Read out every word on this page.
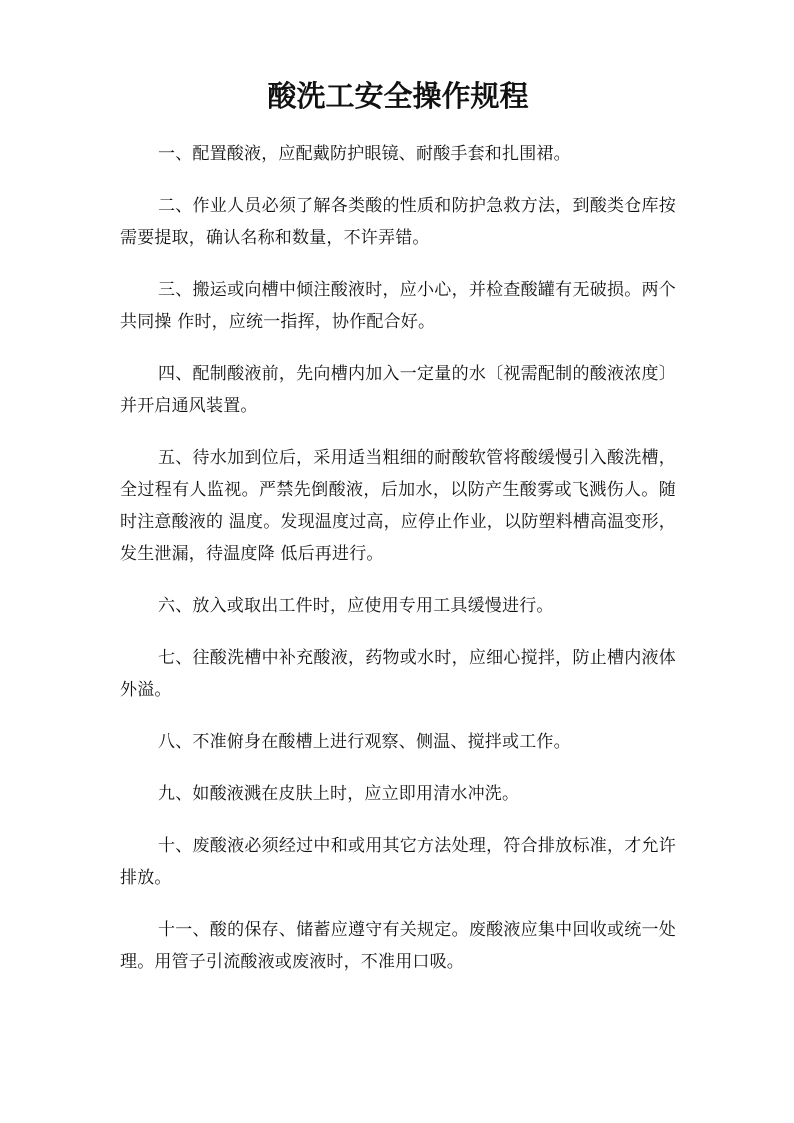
酸洗工安全操作规程

一、配置酸液，应配戴防护眼镜、耐酸手套和扎围裙。

二、作业人员必须了解各类酸的性质和防护急救方法，到酸类仓库按需要提取，确认名称和数量，不许弄错。

三、搬运或向槽中倾注酸液时，应小心，并检查酸罐有无破损。两个共同操 作时，应统一指挥，协作配合好。

四、配制酸液前，先向槽内加入一定量的水〔视需配制的酸液浓度〕并开启通风装置。

五、待水加到位后，采用适当粗细的耐酸软管将酸缓慢引入酸洗槽，全过程有人监视。严禁先倒酸液，后加水，以防产生酸雾或飞溅伤人。随时注意酸液的 温度。发现温度过高，应停止作业，以防塑料槽高温变形，发生泄漏，待温度降 低后再进行。

六、放入或取出工件时，应使用专用工具缓慢进行。

七、往酸洗槽中补充酸液，药物或水时，应细心搅拌，防止槽内液体外溢。

八、不准俯身在酸槽上进行观察、侧温、搅拌或工作。

九、如酸液溅在皮肤上时，应立即用清水冲洗。

十、废酸液必须经过中和或用其它方法处理，符合排放标准，才允许排放。

十一、酸的保存、储蓄应遵守有关规定。废酸液应集中回收或统一处理。用管子引流酸液或废液时，不准用口吸。
